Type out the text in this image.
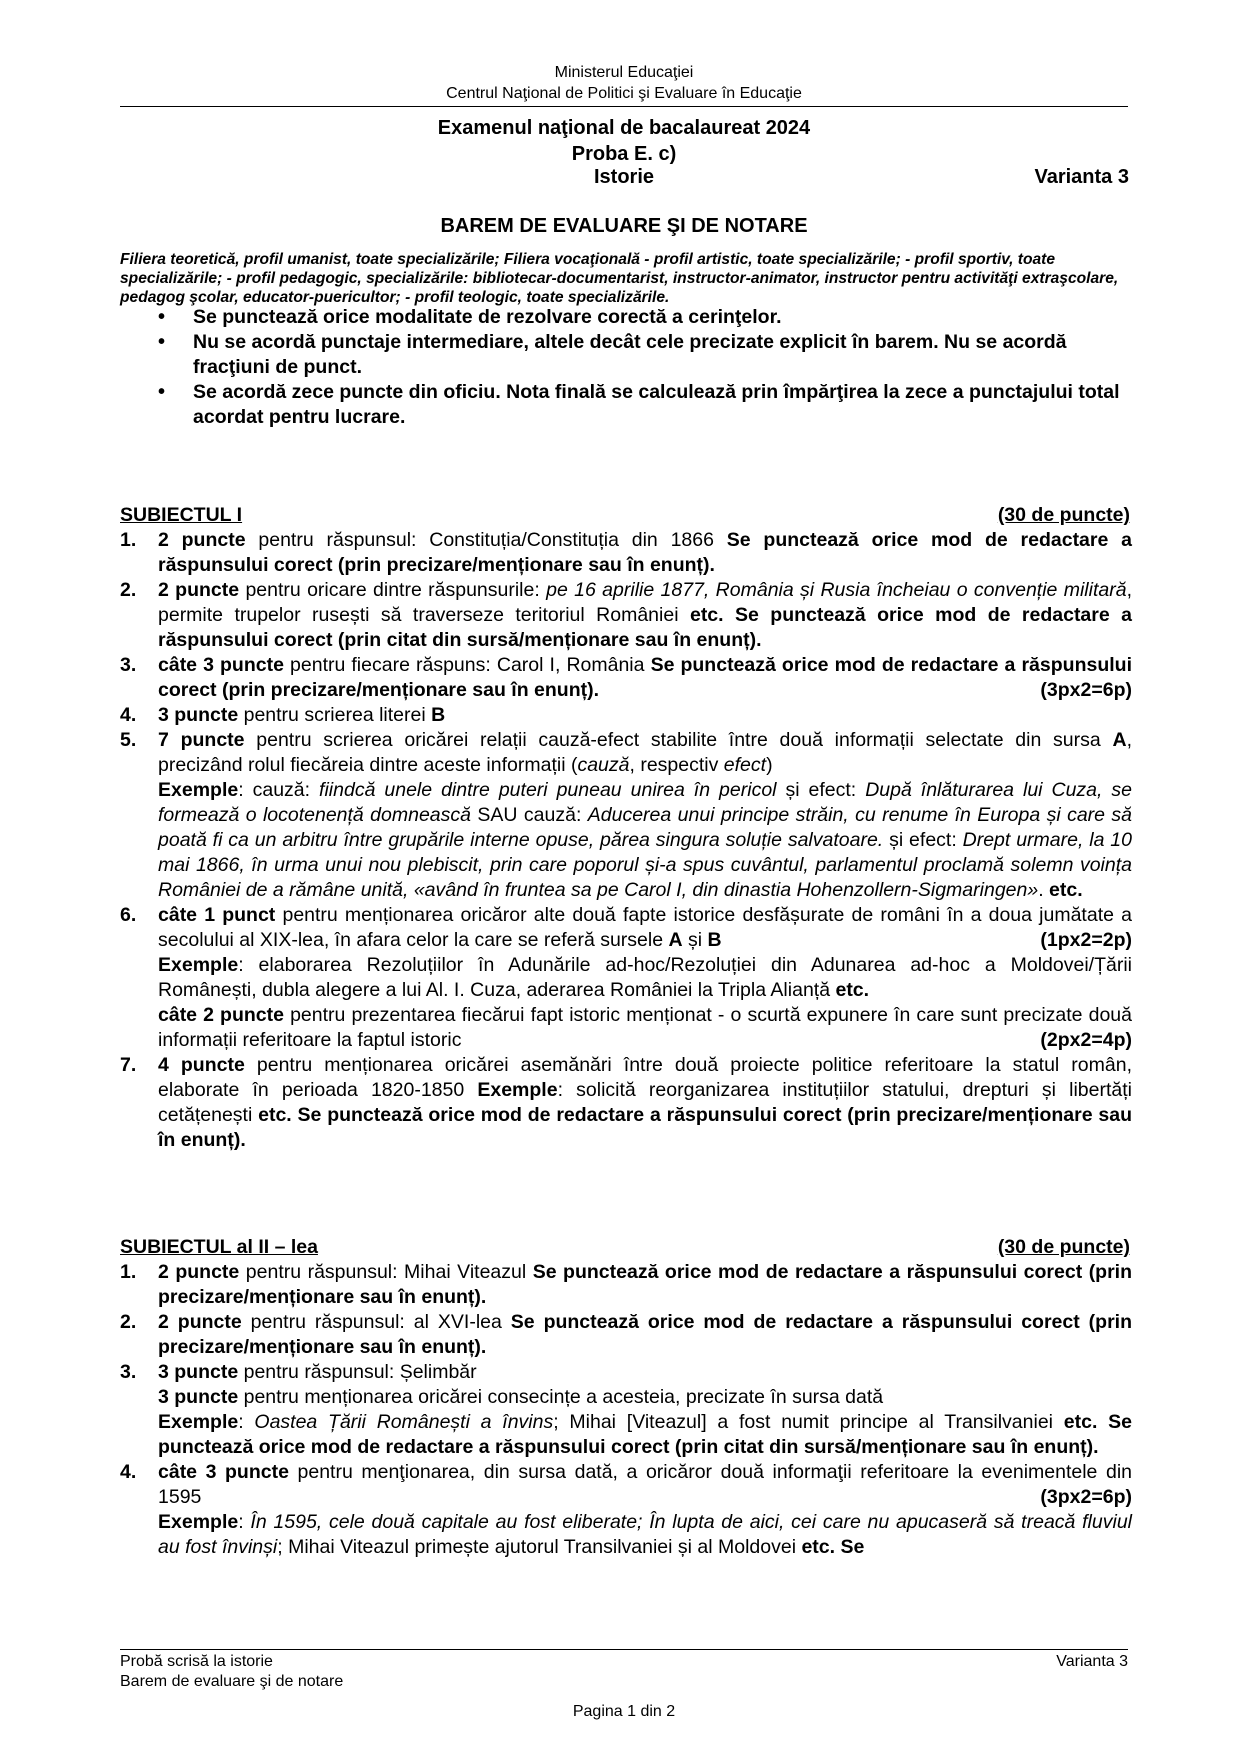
Ministerul Educaţiei
Centrul Naţional de Politici şi Evaluare în Educaţie
Examenul naţional de bacalaureat 2024
Proba E. c)
Istorie	Varianta 3
BAREM DE EVALUARE ŞI DE NOTARE
Filiera teoretică, profil umanist, toate specializările; Filiera vocaţională - profil artistic, toate specializările; - profil sportiv, toate specializările; - profil pedagogic, specializările: bibliotecar-documentarist, instructor-animator, instructor pentru activităţi extraşcolare, pedagog şcolar, educator-puericultor; - profil teologic, toate specializările.
• Se punctează orice modalitate de rezolvare corectă a cerinţelor.
• Nu se acordă punctaje intermediare, altele decât cele precizate explicit în barem. Nu se acordă fracţiuni de punct.
• Se acordă zece puncte din oficiu. Nota finală se calculează prin împărţirea la zece a punctajului total acordat pentru lucrare.
SUBIECTUL I	(30 de puncte)
1. 2 puncte pentru răspunsul: Constituția/Constituția din 1866 Se punctează orice mod de redactare a răspunsului corect (prin precizare/menționare sau în enunț).
2. 2 puncte pentru oricare dintre răspunsurile: pe 16 aprilie 1877, România și Rusia încheiau o convenție militară, permite trupelor rusești să traverseze teritoriul României etc. Se punctează orice mod de redactare a răspunsului corect (prin citat din sursă/menționare sau în enunț).
3. câte 3 puncte pentru fiecare răspuns: Carol I, România Se punctează orice mod de redactare a răspunsului corect (prin precizare/menționare sau în enunț).	(3px2=6p)
4. 3 puncte pentru scrierea literei B
5. 7 puncte pentru scrierea oricărei relații cauză-efect stabilite între două informații selectate din sursa A, precizând rolul fiecăreia dintre aceste informații (cauză, respectiv efect)

Exemple: cauză: fiindcă unele dintre puteri puneau unirea în pericol și efect: După înlăturarea lui Cuza, se formează o locotenență domnească SAU cauză: Aducerea unui principe străin, cu renume în Europa și care să poată fi ca un arbitru între grupările interne opuse, părea singura soluție salvatoare. și efect: Drept urmare, la 10 mai 1866, în urma unui nou plebiscit, prin care poporul și-a spus cuvântul, parlamentul proclamă solemn voința României de a rămâne unită, «având în fruntea sa pe Carol I, din dinastia Hohenzollern-Sigmaringen». etc.

6. câte 1 punct pentru menționarea oricăror alte două fapte istorice desfășurate de români în a doua jumătate a secolului al XIX-lea, în afara celor la care se referă sursele A și B	(1px2=2p)

Exemple: elaborarea Rezoluțiilor în Adunările ad-hoc/Rezoluției din Adunarea ad-hoc a Moldovei/Țării Românești, dubla alegere a lui Al. I. Cuza, aderarea României la Tripla Alianță etc.

câte 2 puncte pentru prezentarea fiecărui fapt istoric menționat - o scurtă expunere în care sunt precizate două informații referitoare la faptul istoric	(2px2=4p)

7. 4 puncte pentru menționarea oricărei asemănări între două proiecte politice referitoare la statul român, elaborate în perioada 1820-1850 Exemple: solicită reorganizarea instituțiilor statului, drepturi și libertăți cetățenești etc. Se punctează orice mod de redactare a răspunsului corect (prin precizare/menționare sau în enunț).
SUBIECTUL al II – lea	(30 de puncte)
1. 2 puncte pentru răspunsul: Mihai Viteazul Se punctează orice mod de redactare a răspunsului corect (prin precizare/menționare sau în enunț).
2. 2 puncte pentru răspunsul: al XVI-lea Se punctează orice mod de redactare a răspunsului corect (prin precizare/menționare sau în enunț).
3. 3 puncte pentru răspunsul: Șelimbăr

3 puncte pentru menționarea oricărei consecințe a acesteia, precizate în sursa dată

Exemple: Oastea Țării Românești a învins; Mihai [Viteazul] a fost numit principe al Transilvaniei etc. Se punctează orice mod de redactare a răspunsului corect (prin citat din sursă/menționare sau în enunț).

4. câte 3 puncte pentru menţionarea, din sursa dată, a oricăror două informaţii referitoare la evenimentele din 1595	(3px2=6p)

Exemple: În 1595, cele două capitale au fost eliberate; În lupta de aici, cei care nu apucaseră să treacă fluviul au fost învinși; Mihai Viteazul primește ajutorul Transilvaniei și al Moldovei etc. Se

Probă scrisă la istorie
Barem de evaluare şi de notare
Varianta 3
Pagina 1 din 2
